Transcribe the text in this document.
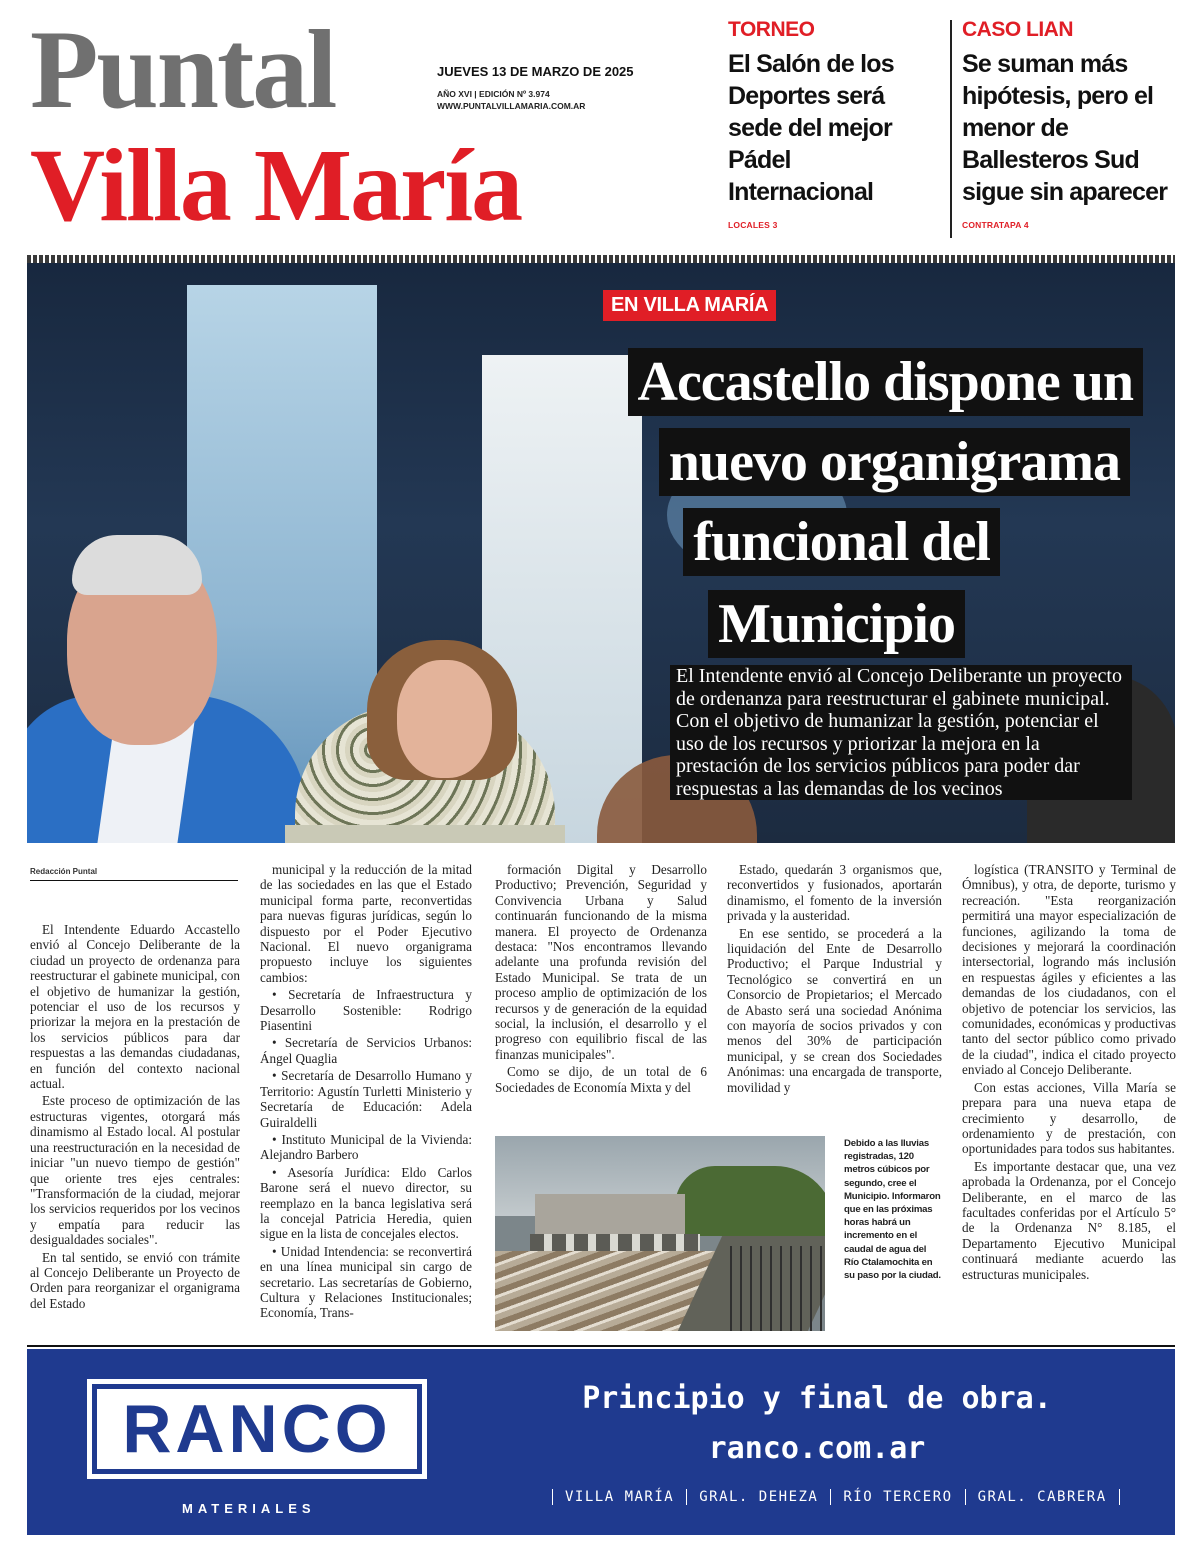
Puntal
Villa María
JUEVES 13 DE MARZO DE 2025
AÑO XVI | EDICIÓN Nº 3.974
WWW.PUNTALVILLAMARIA.COM.AR
TORNEO
El Salón de los Deportes será sede del mejor Pádel Internacional
LOCALES 3
CASO LIAN
Se suman más hipótesis, pero el menor de Ballesteros Sud sigue sin aparecer
CONTRATAPA 4
EN VILLA MARÍA
Accastello dispone un
nuevo organigrama
funcional del
Municipio
El Intendente envió al Concejo Deliberante un proyecto de ordenanza para reestructurar el gabinete municipal. Con el objetivo de humanizar la gestión, potenciar el uso de los recursos y priorizar la mejora en la prestación de los servicios públicos para poder dar respuestas a las demandas de los vecinos
Redacción Puntal

El Intendente Eduardo Accastello envió al Concejo Deliberante de la ciudad un proyecto de ordenanza para reestructurar el gabinete municipal, con el objetivo de humanizar la gestión, potenciar el uso de los recursos y priorizar la mejora en la prestación de los servicios públicos para dar respuestas a las demandas ciudadanas, en función del contexto nacional actual.

Este proceso de optimización de las estructuras vigentes, otorgará más dinamismo al Estado local. Al postular una reestructuración en la necesidad de iniciar "un nuevo tiempo de gestión" que oriente tres ejes centrales: "Transformación de la ciudad, mejorar los servicios requeridos por los vecinos y empatía para reducir las desigualdades sociales".

En tal sentido, se envió con trámite al Concejo Deliberante un Proyecto de Orden para reorganizar el organigrama del Estado

municipal y la reducción de la mitad de las sociedades en las que el Estado municipal forma parte, reconvertidas para nuevas figuras jurídicas, según lo dispuesto por el Poder Ejecutivo Nacional. El nuevo organigrama propuesto incluye los siguientes cambios:

• Secretaría de Infraestructura y Desarrollo Sostenible: Rodrigo Piasentini

• Secretaría de Servicios Urbanos: Ángel Quaglia

• Secretaría de Desarrollo Humano y Territorio: Agustín Turletti Ministerio y Secretaría de Educación: Adela Guiraldelli

• Instituto Municipal de la Vivienda: Alejandro Barbero

• Asesoría Jurídica: Eldo Carlos Barone será el nuevo director, su reemplazo en la banca legislativa será la concejal Patricia Heredia, quien sigue en la lista de concejales electos.

• Unidad Intendencia: se reconvertirá en una línea municipal sin cargo de secretario. Las secretarías de Gobierno, Cultura y Relaciones Institucionales; Economía, Trans-

formación Digital y Desarrollo Productivo; Prevención, Seguridad y Convivencia Urbana y Salud continuarán funcionando de la misma manera. El proyecto de Ordenanza destaca: "Nos encontramos llevando adelante una profunda revisión del Estado Municipal. Se trata de un proceso amplio de optimización de los recursos y de generación de la equidad social, la inclusión, el desarrollo y el progreso con equilibrio fiscal de las finanzas municipales".

Como se dijo, de un total de 6 Sociedades de Economía Mixta y del

Estado, quedarán 3 organismos que, reconvertidos y fusionados, aportarán dinamismo, el fomento de la inversión privada y la austeridad.

En ese sentido, se procederá a la liquidación del Ente de Desarrollo Productivo; el Parque Industrial y Tecnológico se convertirá en un Consorcio de Propietarios; el Mercado de Abasto será una sociedad Anónima con mayoría de socios privados y con menos del 30% de participación municipal, y se crean dos Sociedades Anónimas: una encargada de transporte, movilidad y

logística (TRANSITO y Terminal de Ómnibus), y otra, de deporte, turismo y recreación. "Esta reorganización permitirá una mayor especialización de funciones, agilizando la toma de decisiones y mejorará la coordinación intersectorial, logrando más inclusión en respuestas ágiles y eficientes a las demandas de los ciudadanos, con el objetivo de potenciar los servicios, las comunidades, económicas y productivas tanto del sector público como privado de la ciudad", indica el citado proyecto enviado al Concejo Deliberante.

Con estas acciones, Villa María se prepara para una nueva etapa de crecimiento y desarrollo, de ordenamiento y de prestación, con oportunidades para todos sus habitantes.

Es importante destacar que, una vez aprobada la Ordenanza, por el Concejo Deliberante, en el marco de las facultades conferidas por el Artículo 5° de la Ordenanza N° 8.185, el Departamento Ejecutivo Municipal continuará mediante acuerdo las estructuras municipales.

Debido a las lluvias registradas, 120 metros cúbicos por segundo, cree el Municipio. Informaron que en las próximas horas habrá un incremento en el caudal de agua del Río Ctalamochita en su paso por la ciudad.
RANCO
MATERIALES
Principio y final de obra.
ranco.com.ar
VILLA MARÍA	GRAL. DEHEZA	RÍO TERCERO	GRAL. CABRERA
